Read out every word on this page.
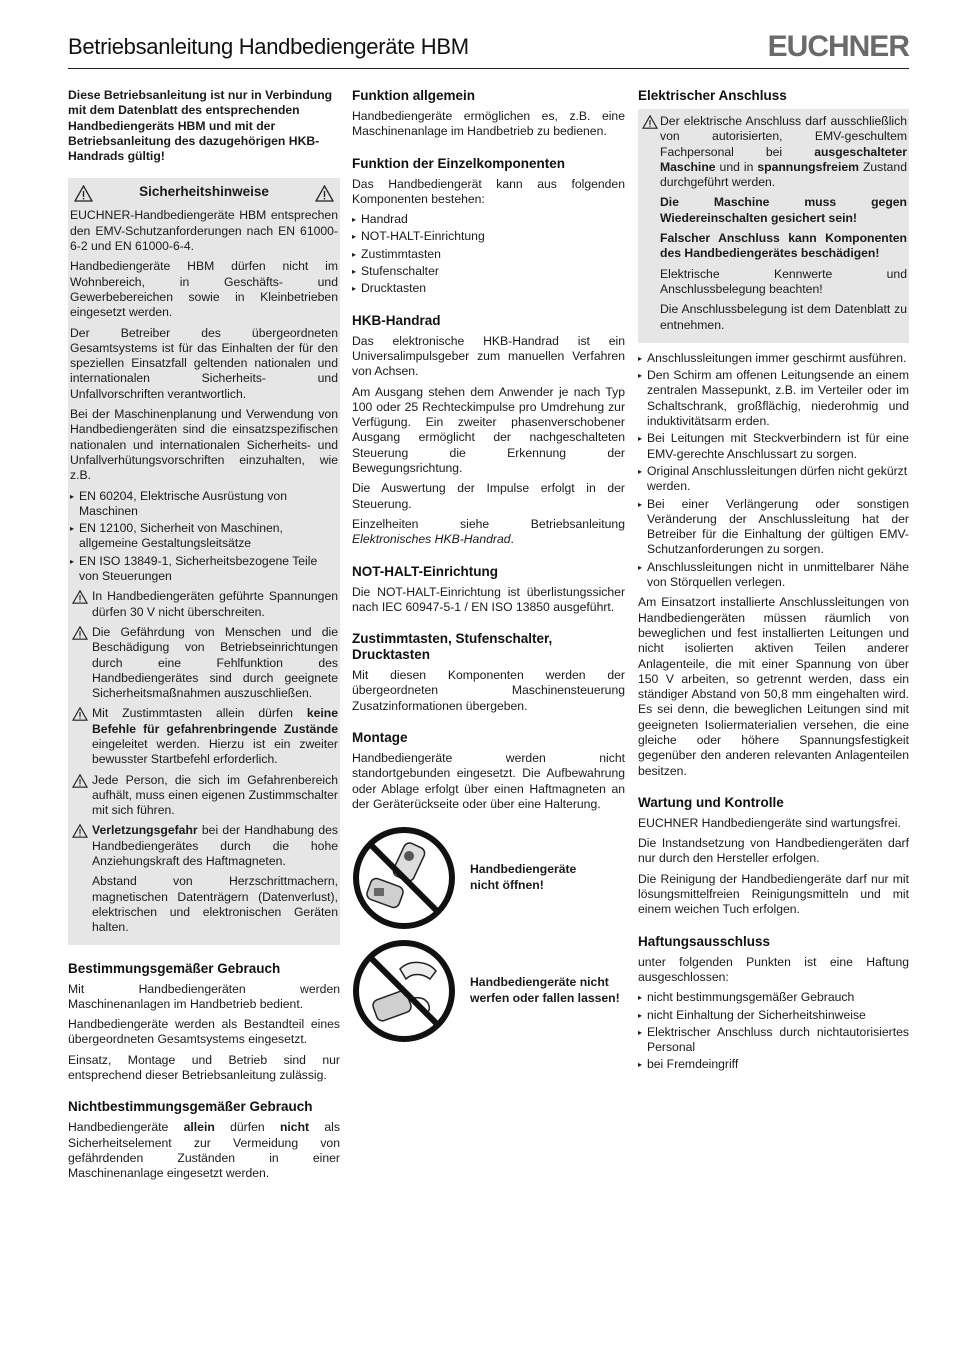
Betriebsanleitung Handbediengeräte HBM	EUCHNER

Diese Betriebsanleitung ist nur in Verbindung mit dem Datenblatt des entsprechenden Handbediengeräts HBM und mit der Betriebsanleitung des dazugehörigen HKB-Handrads gültig!

Sicherheitshinweise

EUCHNER-Handbediengeräte HBM entsprechen den EMV-Schutzanforderungen nach EN 61000-6-2 und EN 61000-6-4.

Handbediengeräte HBM dürfen nicht im Wohnbereich, in Geschäfts- und Gewerbebereichen sowie in Kleinbetrieben eingesetzt werden.

Der Betreiber des übergeordneten Gesamtsystems ist für das Einhalten der für den speziellen Einsatzfall geltenden nationalen und internationalen Sicherheits- und Unfallvorschriften verantwortlich.

Bei der Maschinenplanung und Verwendung von Handbediengeräten sind die einsatzspezifischen nationalen und internationalen Sicherheits- und Unfallverhütungsvorschriften einzuhalten, wie z.B.

▸ EN 60204, Elektrische Ausrüstung von Maschinen
▸ EN 12100, Sicherheit von Maschinen, allgemeine Gestaltungsleitsätze
▸ EN ISO 13849-1, Sicherheitsbezogene Teile von Steuerungen
In Handbediengeräten geführte Spannungen dürfen 30 V nicht überschreiten.
Die Gefährdung von Menschen und die Beschädigung von Betriebseinrichtungen durch eine Fehlfunktion des Handbediengerätes sind durch geeignete Sicherheitsmaßnahmen auszuschließen.
Mit Zustimmtasten allein dürfen keine Befehle für gefahrenbringende Zustände eingeleitet werden. Hierzu ist ein zweiter bewusster Startbefehl erforderlich.
Jede Person, die sich im Gefahrenbereich aufhält, muss einen eigenen Zustimmschalter mit sich führen.
Verletzungsgefahr bei der Handhabung des Handbediengerätes durch die hohe Anziehungskraft des Haftmagneten.

Abstand von Herzschrittmachern, magnetischen Datenträgern (Datenverlust), elektrischen und elektronischen Geräten halten.

Bestimmungsgemäßer Gebrauch

Mit Handbediengeräten werden Maschinenanlagen im Handbetrieb bedient.

Handbediengeräte werden als Bestandteil eines übergeordneten Gesamtsystems eingesetzt.

Einsatz, Montage und Betrieb sind nur entsprechend dieser Betriebsanleitung zulässig.

Nichtbestimmungsgemäßer Gebrauch

Handbediengeräte allein dürfen nicht als Sicherheitselement zur Vermeidung von gefährdenden Zuständen in einer Maschinenanlage eingesetzt werden.

Funktion allgemein

Handbediengeräte ermöglichen es, z.B. eine Maschinenanlage im Handbetrieb zu bedienen.

Funktion der Einzelkomponenten

Das Handbediengerät kann aus folgenden Komponenten bestehen:

▸ Handrad
▸ NOT-HALT-Einrichtung
▸ Zustimmtasten
▸ Stufenschalter
▸ Drucktasten
HKB-Handrad

Das elektronische HKB-Handrad ist ein Universalimpulsgeber zum manuellen Verfahren von Achsen.

Am Ausgang stehen dem Anwender je nach Typ 100 oder 25 Rechteckimpulse pro Umdrehung zur Verfügung. Ein zweiter phasenverschobener Ausgang ermöglicht der nachgeschalteten Steuerung die Erkennung der Bewegungsrichtung.

Die Auswertung der Impulse erfolgt in der Steuerung.

Einzelheiten siehe Betriebsanleitung Elektronisches HKB-Handrad.

NOT-HALT-Einrichtung

Die NOT-HALT-Einrichtung ist überlistungssicher nach IEC 60947-5-1 / EN ISO 13850 ausgeführt.

Zustimmtasten, Stufenschalter, Drucktasten

Mit diesen Komponenten werden der übergeordneten Maschinensteuerung Zusatzinformationen übergeben.

Montage

Handbediengeräte werden nicht standortgebunden eingesetzt. Die Aufbewahrung oder Ablage erfolgt über einen Haftmagneten an der Geräterückseite oder über eine Halterung.

Handbediengeräte
nicht öffnen!
Handbediengeräte nicht
werfen oder fallen lassen!
Elektrischer Anschluss
Der elektrische Anschluss darf ausschließlich von autorisierten, EMV-geschultem Fachpersonal bei ausgeschalteter Maschine und in spannungsfreiem Zustand durchgeführt werden.

Die Maschine muss gegen Wiedereinschalten gesichert sein!

Falscher Anschluss kann Komponenten des Handbediengerätes beschädigen!

Elektrische Kennwerte und Anschlussbelegung beachten!

Die Anschlussbelegung ist dem Datenblatt zu entnehmen.

▸ Anschlussleitungen immer geschirmt ausführen.
▸ Den Schirm am offenen Leitungsende an einem zentralen Massepunkt, z.B. im Verteiler oder im Schaltschrank, großflächig, niederohmig und induktivitätsarm erden.
▸ Bei Leitungen mit Steckverbindern ist für eine EMV-gerechte Anschlussart zu sorgen.
▸ Original Anschlussleitungen dürfen nicht gekürzt werden.
▸ Bei einer Verlängerung oder sonstigen Veränderung der Anschlussleitung hat der Betreiber für die Einhaltung der gültigen EMV-Schutzanforderungen zu sorgen.
▸ Anschlussleitungen nicht in unmittelbarer Nähe von Störquellen verlegen.

Am Einsatzort installierte Anschlussleitungen von Handbediengeräten müssen räumlich von beweglichen und fest installierten Leitungen und nicht isolierten aktiven Teilen anderer Anlagenteile, die mit einer Spannung von über 150 V arbeiten, so getrennt werden, dass ein ständiger Abstand von 50,8 mm eingehalten wird. Es sei denn, die beweglichen Leitungen sind mit geeigneten Isoliermaterialien versehen, die eine gleiche oder höhere Spannungsfestigkeit gegenüber den anderen relevanten Anlagenteilen besitzen.

Wartung und Kontrolle

EUCHNER Handbediengeräte sind wartungsfrei.

Die Instandsetzung von Handbediengeräten darf nur durch den Hersteller erfolgen.

Die Reinigung der Handbediengeräte darf nur mit lösungsmittelfreien Reinigungsmitteln und mit einem weichen Tuch erfolgen.

Haftungsausschluss

unter folgenden Punkten ist eine Haftung ausgeschlossen:

▸ nicht bestimmungsgemäßer Gebrauch
▸ nicht Einhaltung der Sicherheitshinweise
▸ Elektrischer Anschluss durch nichtautorisiertes Personal
▸ bei Fremdeingriff
